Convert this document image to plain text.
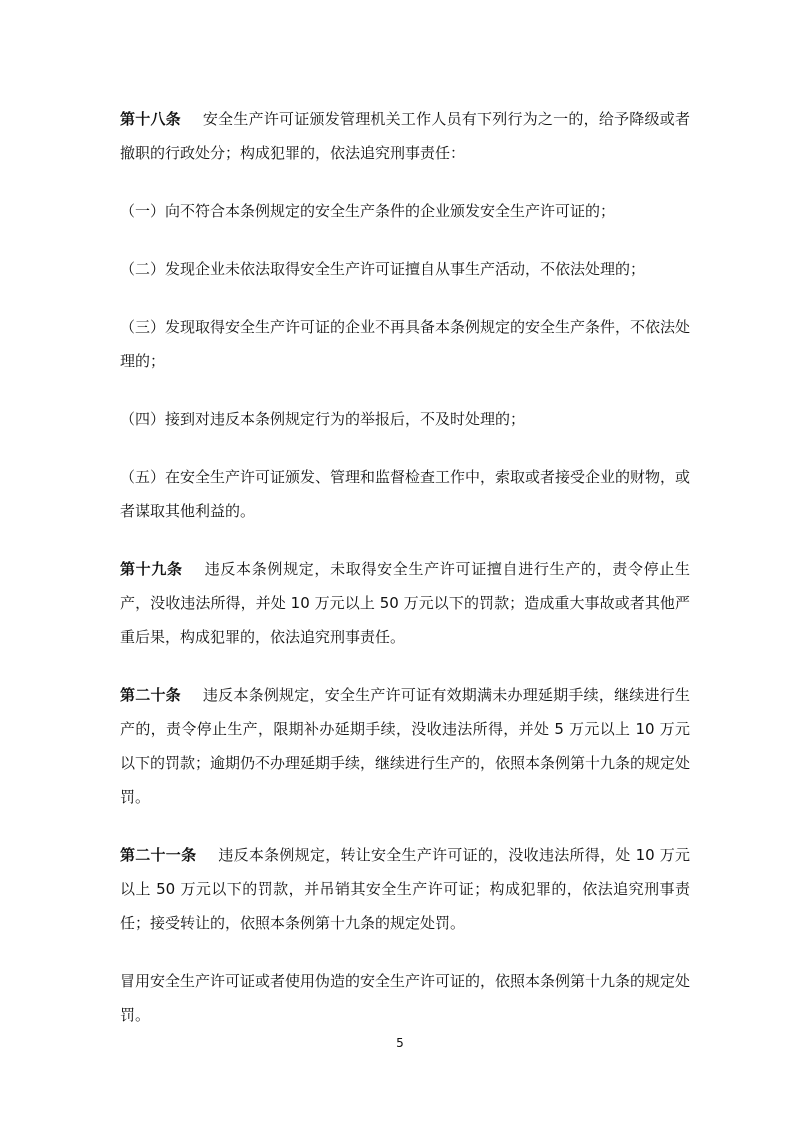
第十八条 安全生产许可证颁发管理机关工作人员有下列行为之一的，给予降级或者撤职的行政处分；构成犯罪的，依法追究刑事责任：

（一）向不符合本条例规定的安全生产条件的企业颁发安全生产许可证的；

（二）发现企业未依法取得安全生产许可证擅自从事生产活动，不依法处理的；

（三）发现取得安全生产许可证的企业不再具备本条例规定的安全生产条件，不依法处理的；

（四）接到对违反本条例规定行为的举报后，不及时处理的；

（五）在安全生产许可证颁发、管理和监督检查工作中，索取或者接受企业的财物，或者谋取其他利益的。

第十九条 违反本条例规定，未取得安全生产许可证擅自进行生产的，责令停止生产，没收违法所得，并处 10 万元以上 50 万元以下的罚款；造成重大事故或者其他严重后果，构成犯罪的，依法追究刑事责任。

第二十条 违反本条例规定，安全生产许可证有效期满未办理延期手续，继续进行生产的，责令停止生产，限期补办延期手续，没收违法所得，并处 5 万元以上 10 万元以下的罚款；逾期仍不办理延期手续，继续进行生产的，依照本条例第十九条的规定处罚。

第二十一条 违反本条例规定，转让安全生产许可证的，没收违法所得，处 10 万元以上 50 万元以下的罚款，并吊销其安全生产许可证；构成犯罪的，依法追究刑事责任；接受转让的，依照本条例第十九条的规定处罚。

冒用安全生产许可证或者使用伪造的安全生产许可证的，依照本条例第十九条的规定处罚。

5
